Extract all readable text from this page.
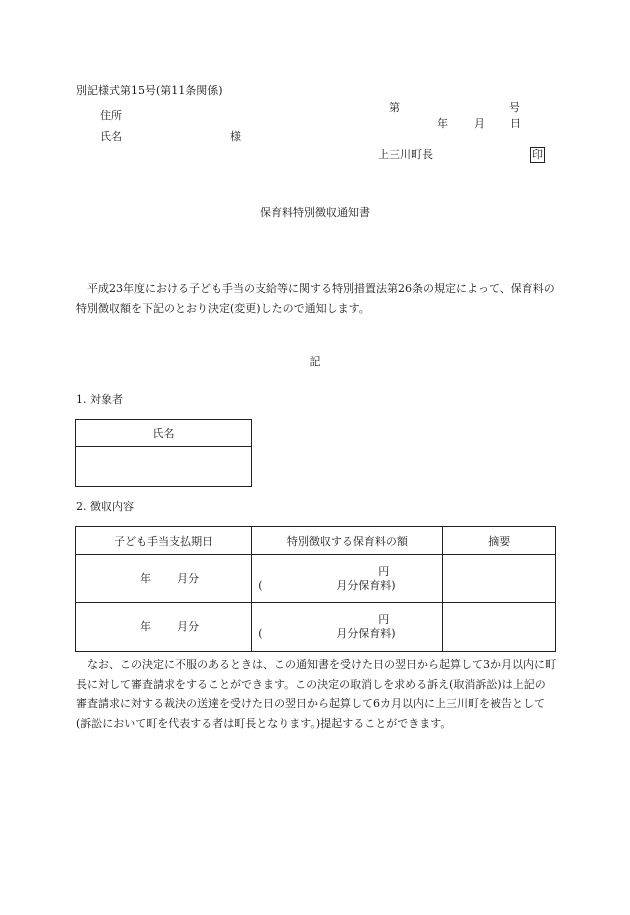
別記様式第15号(第11条関係)
第	号
住所
年 月 日
氏名	様
上三川町長	印
保育料特別徴収通知書
平成23年度における子ども手当の支給等に関する特別措置法第26条の規定によって、保育料の特別徴収額を下記のとおり決定(変更)したので通知します。
記
1. 対象者
氏名

2. 徴収内容
子ども手当支払期日	特別徴収する保育料の額	摘要

年 月分	円
( 月分保育料)	

年 月分	円
( 月分保育料)	

なお、この決定に不服のあるときは、この通知書を受けた日の翌日から起算して3か月以内に町長に対して審査請求をすることができます。この決定の取消しを求める訴え(取消訴訟)は上記の審査請求に対する裁決の送達を受けた日の翌日から起算して6カ月以内に上三川町を被告として(訴訟において町を代表する者は町長となります。)提起することができます。
